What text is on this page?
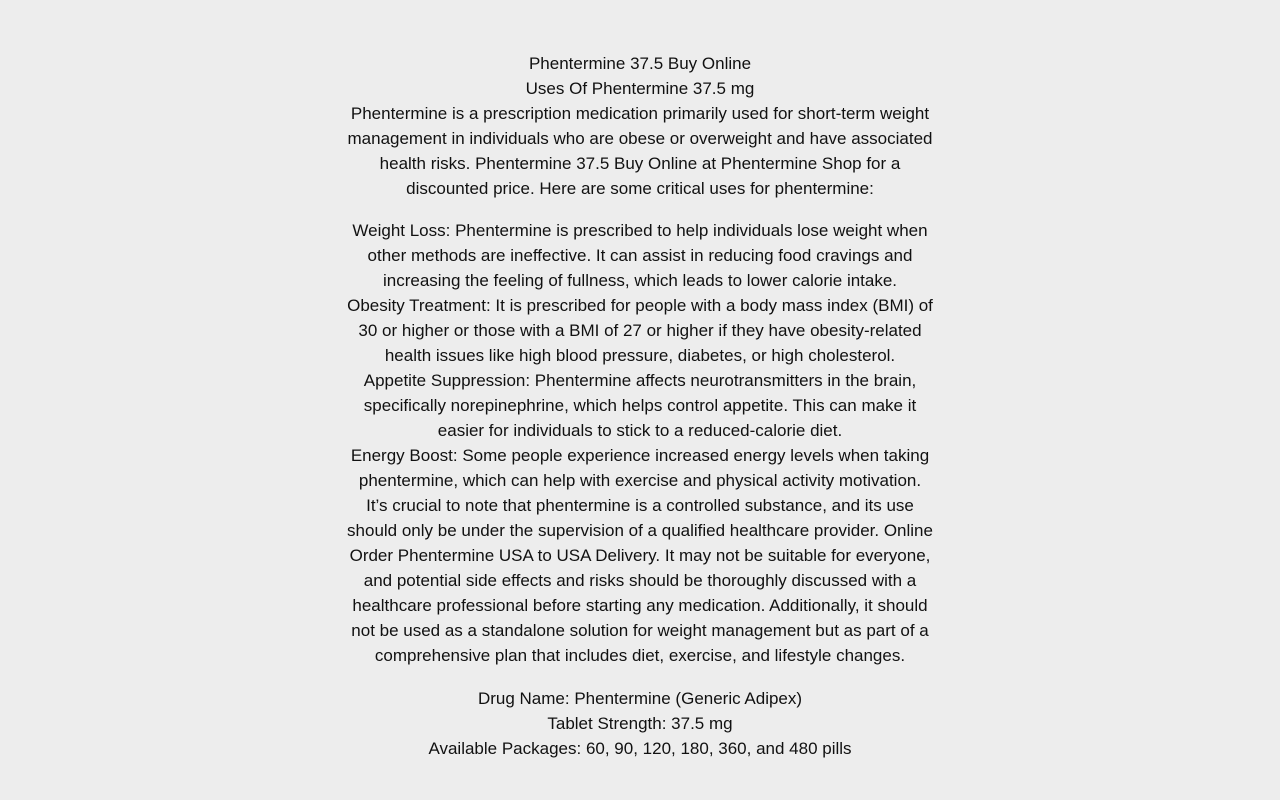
Phentermine 37.5 Buy Online
Uses Of Phentermine 37.5 mg

Phentermine is a prescription medication primarily used for short-term weight management in individuals who are obese or overweight and have associated health risks. Phentermine 37.5 Buy Online at Phentermine Shop for a discounted price. Here are some critical uses for phentermine:

Weight Loss: Phentermine is prescribed to help individuals lose weight when other methods are ineffective. It can assist in reducing food cravings and increasing the feeling of fullness, which leads to lower calorie intake.
Obesity Treatment: It is prescribed for people with a body mass index (BMI) of 30 or higher or those with a BMI of 27 or higher if they have obesity-related health issues like high blood pressure, diabetes, or high cholesterol.
Appetite Suppression: Phentermine affects neurotransmitters in the brain, specifically norepinephrine, which helps control appetite. This can make it easier for individuals to stick to a reduced-calorie diet.
Energy Boost: Some people experience increased energy levels when taking phentermine, which can help with exercise and physical activity motivation.

It’s crucial to note that phentermine is a controlled substance, and its use should only be under the supervision of a qualified healthcare provider. Online Order Phentermine USA to USA Delivery. It may not be suitable for everyone, and potential side effects and risks should be thoroughly discussed with a healthcare professional before starting any medication. Additionally, it should not be used as a standalone solution for weight management but as part of a comprehensive plan that includes diet, exercise, and lifestyle changes.

Drug Name: Phentermine (Generic Adipex)
Tablet Strength: 37.5 mg
Available Packages: 60, 90, 120, 180, 360, and 480 pills
